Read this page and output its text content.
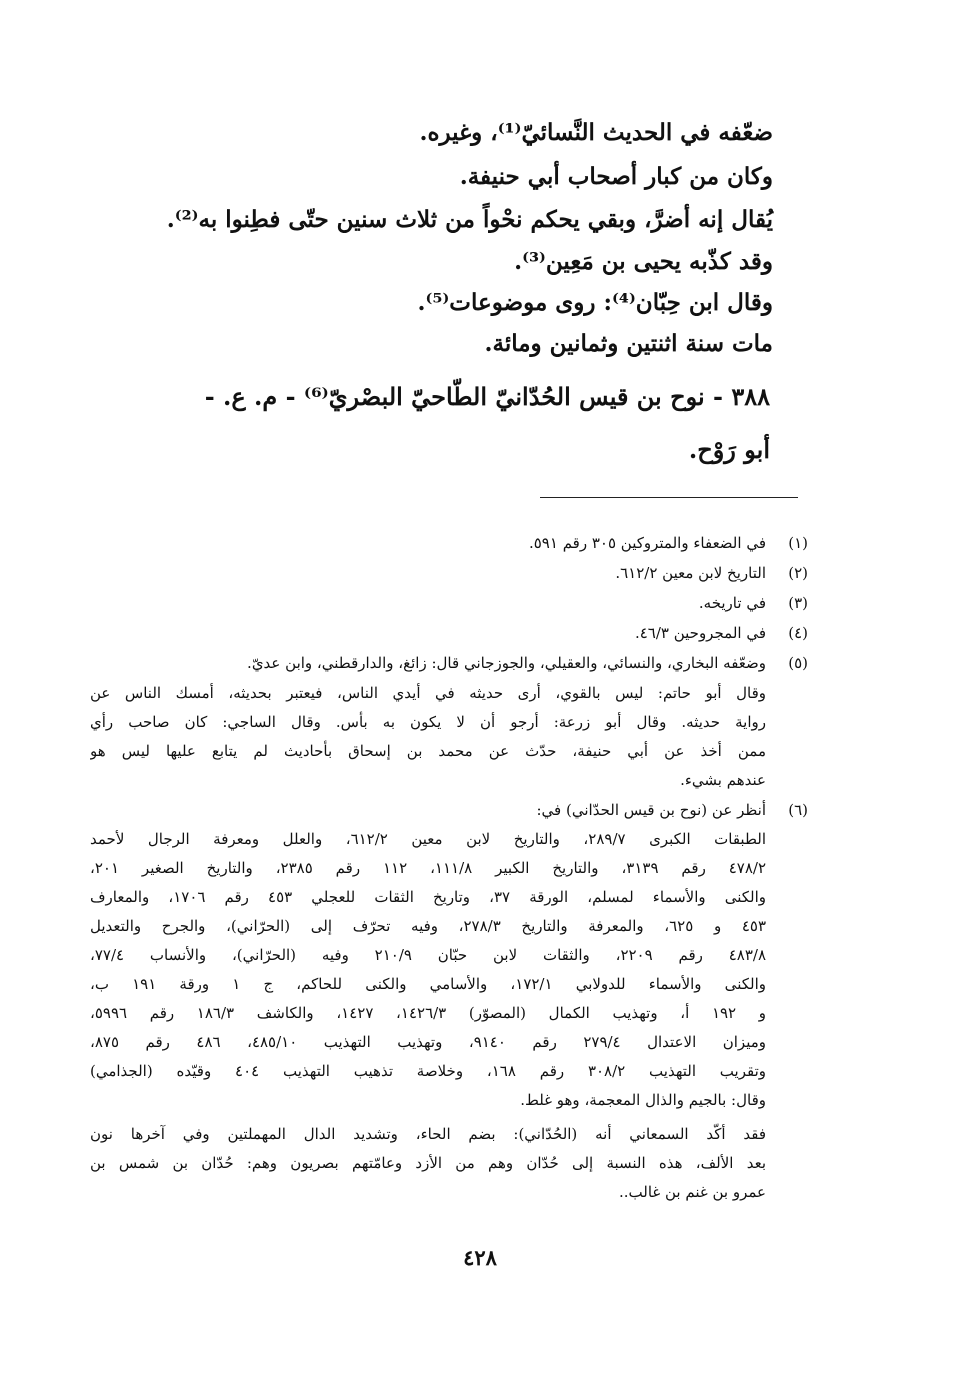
ضعّفه في الحديث النَّسائيّ⁽¹⁾، وغيره.
وكان من كبار أصحاب أبي حنيفة.
يُقال إنه أضرَّ، وبقي يحكم نحْواً من ثلاث سنين حتّى فطِنوا به⁽²⁾.
وقد كذّبه يحيى بن مَعِين⁽³⁾.
وقال ابن حِبّان⁽⁴⁾: روى موضوعات⁽⁵⁾.
مات سنة اثنتين وثمانين ومائة.
٣٨٨ - نوح بن قيس الحُدّانيّ الطّاحيّ البصْريّ⁽⁶⁾ - م. ع. -
أبو رَوْح.
(١)
في الضعفاء والمتروكين ٣٠٥ رقم ٥٩١.
(٢)
التاريخ لابن معين ٦١٢/٢.
(٣)
في تاريخه.
(٤)
في المجروحين ٤٦/٣.
(٥)
وضعّفه البخاري، والنسائي، والعقيلي، والجوزجاني قال: زائغ، والدارقطني، وابن عديّ.
وقال أبو حاتم: ليس بالقوي، أرى حديثه في أيدي الناس، فيعتبر بحديثه، أمسك الناس عن
رواية حديثه. وقال أبو زرعة: أرجو أن لا يكون به بأس. وقال الساجي: كان صاحب رأي
ممن أخذ عن أبي حنيفة، حدّث عن محمد بن إسحاق بأحاديث لم يتابع عليها ليس هو
عندهم بشيء.
(٦)
أنظر عن (نوح بن قيس الحدّاني) في:
الطبقات الكبرى ٢٨٩/٧، والتاريخ لابن معين ٦١٢/٢، والعلل ومعرفة الرجال لأحمد
٤٧٨/٢ رقم ٣١٣٩، والتاريخ الكبير ١١١/٨، ١١٢ رقم ٢٣٨٥، والتاريخ الصغير ٢٠١،
والكنى والأسماء لمسلم، الورقة ٣٧، وتاريخ الثقات للعجلي ٤٥٣ رقم ١٧٠٦، والمعارف
٤٥٣ و ٦٢٥، والمعرفة والتاريخ ٢٧٨/٣، وفيه تحرّف إلى (الحرّاني)، والجرح والتعديل
٤٨٣/٨ رقم ٢٢٠٩، والثقات لابن حبّان ٢١٠/٩ وفيه (الحرّاني)، والأنساب ٧٧/٤،
والكنى والأسماء للدولابي ١٧٢/١، والأسامي والكنى للحاكم، ج ١ ورقة ١٩١ ب،
و ١٩٢ أ، وتهذيب الكمال (المصوّر) ١٤٢٦/٣، ١٤٢٧، والكاشف ١٨٦/٣ رقم ٥٩٩٦،
وميزان الاعتدال ٢٧٩/٤ رقم ٩١٤٠، وتهذيب التهذيب ٤٨٥/١٠، ٤٨٦ رقم ٨٧٥،
وتقريب التهذيب ٣٠٨/٢ رقم ١٦٨، وخلاصة تذهيب التهذيب ٤٠٤ وقيّده (الجذامي)
وقال: بالجيم والذال المعجمة، وهو غلط.
فقد أكّد السمعاني أنه (الحُدّاني): بضم الحاء، وتشديد الدال المهملتين وفي آخرها نون
بعد الألف، هذه النسبة إلى حُدّان وهم من الأزد وعامّتهم بصريون وهم: حُدّان بن شمس بن
عمرو بن غنم بن غالب..
٤٢٨
